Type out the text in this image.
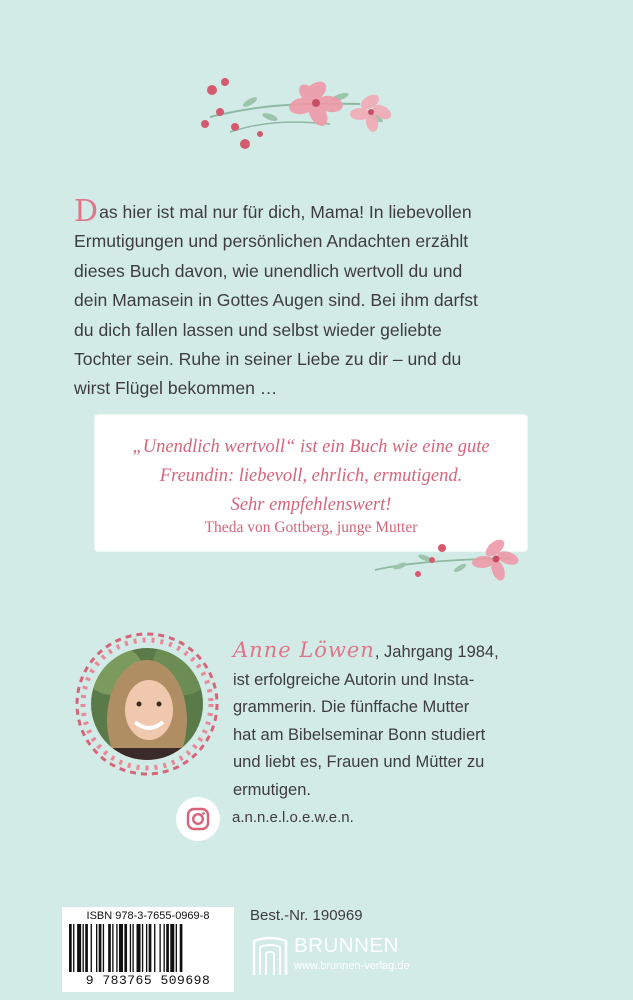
Das hier ist mal nur für dich, Mama! In liebevollen
Ermutigungen und persönlichen Andachten erzählt
dieses Buch davon, wie unendlich wertvoll du und
dein Mamasein in Gottes Augen sind. Bei ihm darfst
du dich fallen lassen und selbst wieder geliebte
Tochter sein. Ruhe in seiner Liebe zu dir – und du
wirst Flügel bekommen …

„Unendlich wertvoll“ ist ein Buch wie eine gute
Freundin: liebevoll, ehrlich, ermutigend.
Sehr empfehlenswert!
Theda von Gottberg, junge Mutter
Anne Löwen, Jahrgang 1984,
ist erfolgreiche Autorin und Insta-
grammerin. Die fünffache Mutter
hat am Bibelseminar Bonn studiert
und liebt es, Frauen und Mütter zu
ermutigen.
a.n.n.e.l.o.e.w.e.n.
ISBN 978-3-7655-0969-8
9 783765 509698
Best.-Nr. 190969
BRUNNEN
www.brunnen-verlag.de
